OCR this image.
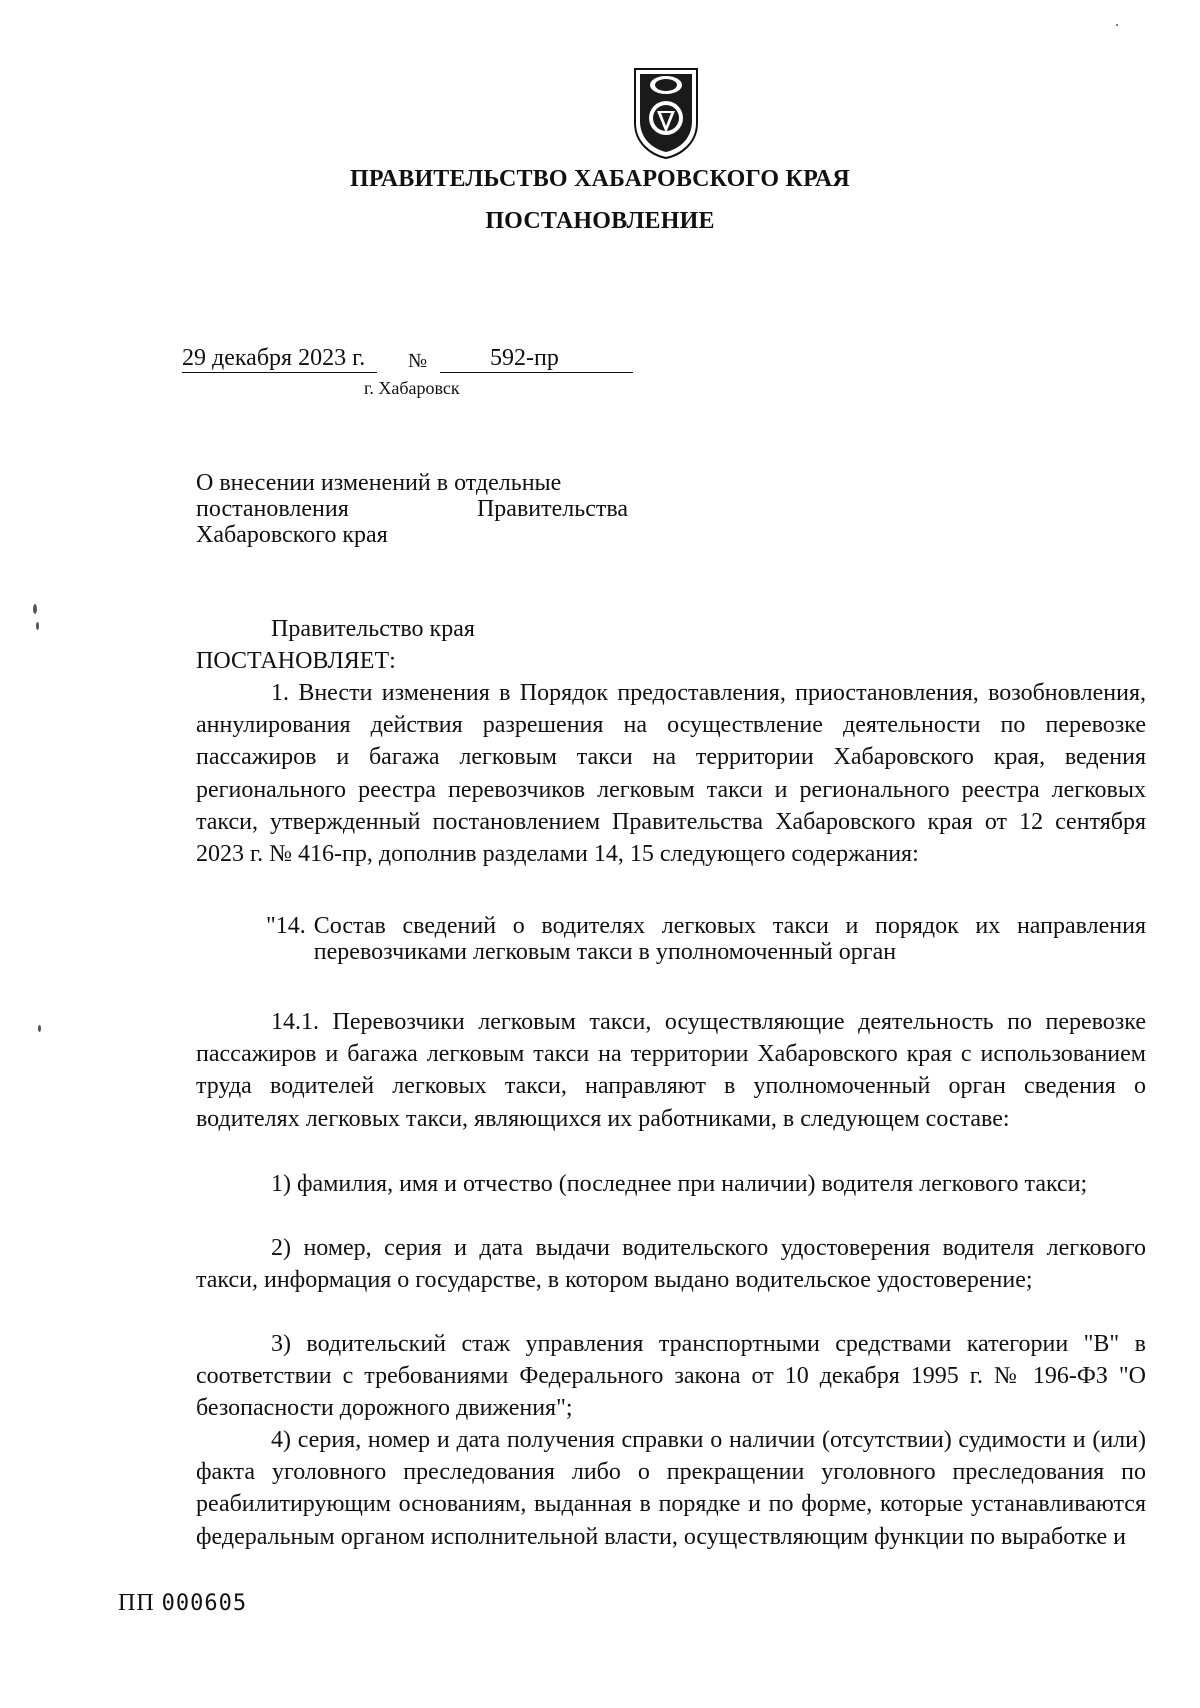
ПРАВИТЕЛЬСТВО ХАБАРОВСКОГО КРАЯ
ПОСТАНОВЛЕНИЕ
29 декабря 2023 г.	№	592-пр
г. Хабаровск
О внесении изменений в отдельные
постановления	Правительства
Хабаровского края
Правительство края
ПОСТАНОВЛЯЕТ:
1. Внести изменения в Порядок предоставления, приостановления, возобновления, аннулирования действия разрешения на осуществление деятельности по перевозке пассажиров и багажа легковым такси на территории Хабаровского края, ведения регионального реестра перевозчиков легковым такси и регионального реестра легковых такси, утвержденный постановлением Правительства Хабаровского края от 12 сентября 2023 г. № 416-пр, дополнив разделами 14, 15 следующего содержания:
"14. Состав сведений о водителях легковых такси и порядок их направления перевозчиками легковым такси в уполномоченный орган
14.1. Перевозчики легковым такси, осуществляющие деятельность по перевозке пассажиров и багажа легковым такси на территории Хабаровского края с использованием труда водителей легковых такси, направляют в уполномоченный орган сведения о водителях легковых такси, являющихся их работниками, в следующем составе:
1) фамилия, имя и отчество (последнее при наличии) водителя легкового такси;
2) номер, серия и дата выдачи водительского удостоверения водителя легкового такси, информация о государстве, в котором выдано водительское удостоверение;
3) водительский стаж управления транспортными средствами категории "B" в соответствии с требованиями Федерального закона от 10 декабря 1995 г. № 196-ФЗ "О безопасности дорожного движения";
4) серия, номер и дата получения справки о наличии (отсутствии) судимости и (или) факта уголовного преследования либо о прекращении уголовного преследования по реабилитирующим основаниям, выданная в порядке и по форме, которые устанавливаются федеральным органом исполнительной власти, осуществляющим функции по выработке и
ПП 000605
